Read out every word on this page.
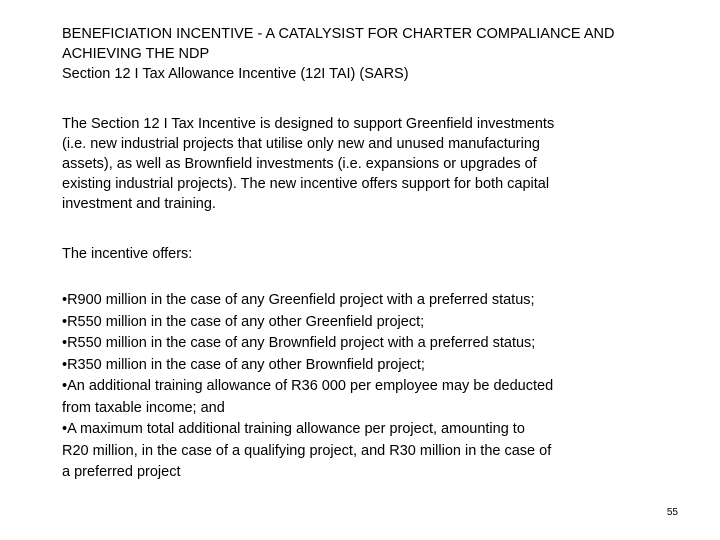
BENEFICIATION INCENTIVE - A CATALYSIST FOR CHARTER COMPALIANCE AND
ACHIEVING THE NDP
Section 12 I Tax Allowance Incentive (12I TAI) (SARS)
The Section 12 I Tax Incentive is designed to support Greenfield investments
(i.e. new industrial projects that utilise only new and unused manufacturing
assets), as well as Brownfield investments (i.e. expansions or upgrades of
existing industrial projects). The new incentive offers support for both capital
investment and training.
The incentive offers:
•R900 million in the case of any Greenfield project with a preferred status;
•R550 million in the case of any other Greenfield project;
•R550 million in the case of any Brownfield project with a preferred status;
•R350 million in the case of any other Brownfield project;
•An additional training allowance of R36 000 per employee may be deducted
from taxable income; and
•A maximum total additional training allowance per project, amounting to
R20 million, in the case of a qualifying project, and R30 million in the case of
a preferred project
55
